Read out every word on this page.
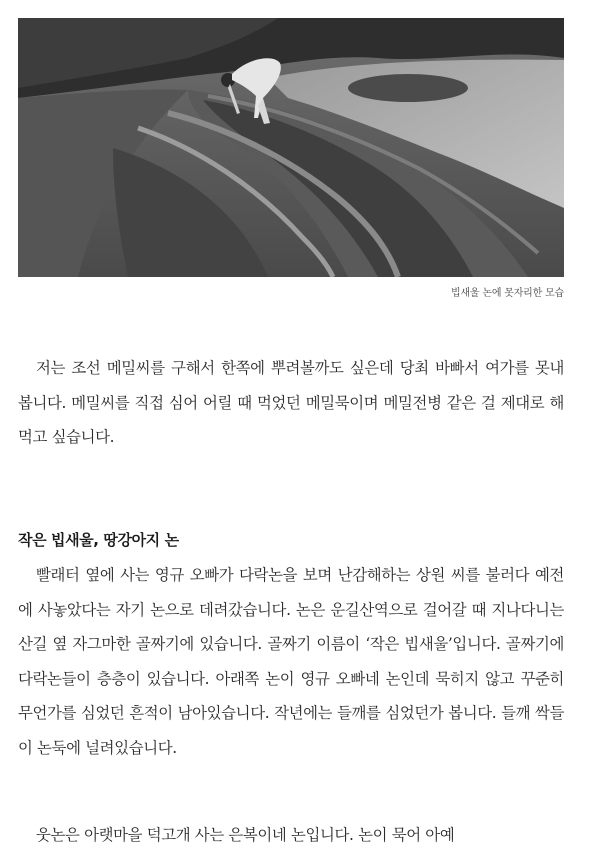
빕새울 논에 못자리한 모습

저는 조선 메밀씨를 구해서 한쪽에 뿌려볼까도 싶은데 당최 바빠서 여가를 못내 봅니다. 메밀씨를 직접 심어 어릴 때 먹었던 메밀묵이며 메밀전병 같은 걸 제대로 해 먹고 싶습니다.

작은 빕새울, 땅강아지 논

빨래터 옆에 사는 영규 오빠가 다락논을 보며 난감해하는 상원 씨를 불러다 예전에 사놓았다는 자기 논으로 데려갔습니다. 논은 운길산역으로 걸어갈 때 지나다니는 산길 옆 자그마한 골짜기에 있습니다. 골짜기 이름이 ‘작은 빕새울’입니다. 골짜기에 다락논들이 층층이 있습니다. 아래쪽 논이 영규 오빠네 논인데 묵히지 않고 꾸준히 무언가를 심었던 흔적이 남아있습니다. 작년에는 들깨를 심었던가 봅니다. 들깨 싹들이 논둑에 널려있습니다.

웃논은 아랫마을 덕고개 사는 은복이네 논입니다. 논이 묵어 아예
